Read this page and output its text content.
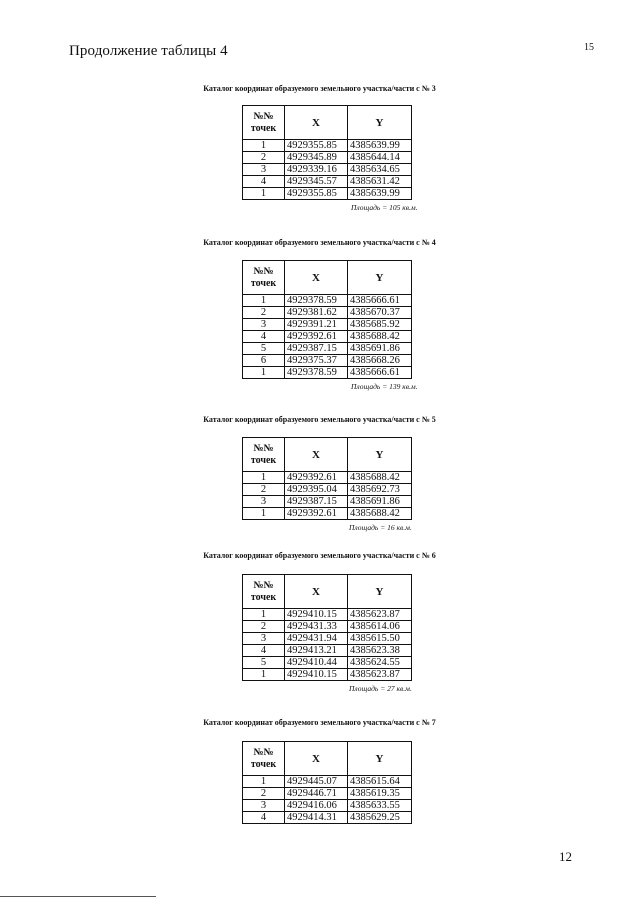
Продолжение таблицы 4	15
Каталог координат образуемого земельного участка/части с № 3
№№
точек	X	Y
1	4929355.85	4385639.99
2	4929345.89	4385644.14
3	4929339.16	4385634.65
4	4929345.57	4385631.42
1	4929355.85	4385639.99
Площадь = 105 кв.м.
Каталог координат образуемого земельного участка/части с № 4
№№
точек	X	Y
1	4929378.59	4385666.61
2	4929381.62	4385670.37
3	4929391.21	4385685.92
4	4929392.61	4385688.42
5	4929387.15	4385691.86
6	4929375.37	4385668.26
1	4929378.59	4385666.61
Площадь = 139 кв.м.
Каталог координат образуемого земельного участка/части с № 5
№№
точек	X	Y
1	4929392.61	4385688.42
2	4929395.04	4385692.73
3	4929387.15	4385691.86
1	4929392.61	4385688.42
Площадь = 16 кв.м.
Каталог координат образуемого земельного участка/части с № 6
№№
точек	X	Y
1	4929410.15	4385623.87
2	4929431.33	4385614.06
3	4929431.94	4385615.50
4	4929413.21	4385623.38
5	4929410.44	4385624.55
1	4929410.15	4385623.87
Площадь = 27 кв.м.
Каталог координат образуемого земельного участка/части с № 7
№№
точек	X	Y
1	4929445.07	4385615.64
2	4929446.71	4385619.35
3	4929416.06	4385633.55
4	4929414.31	4385629.25
12
